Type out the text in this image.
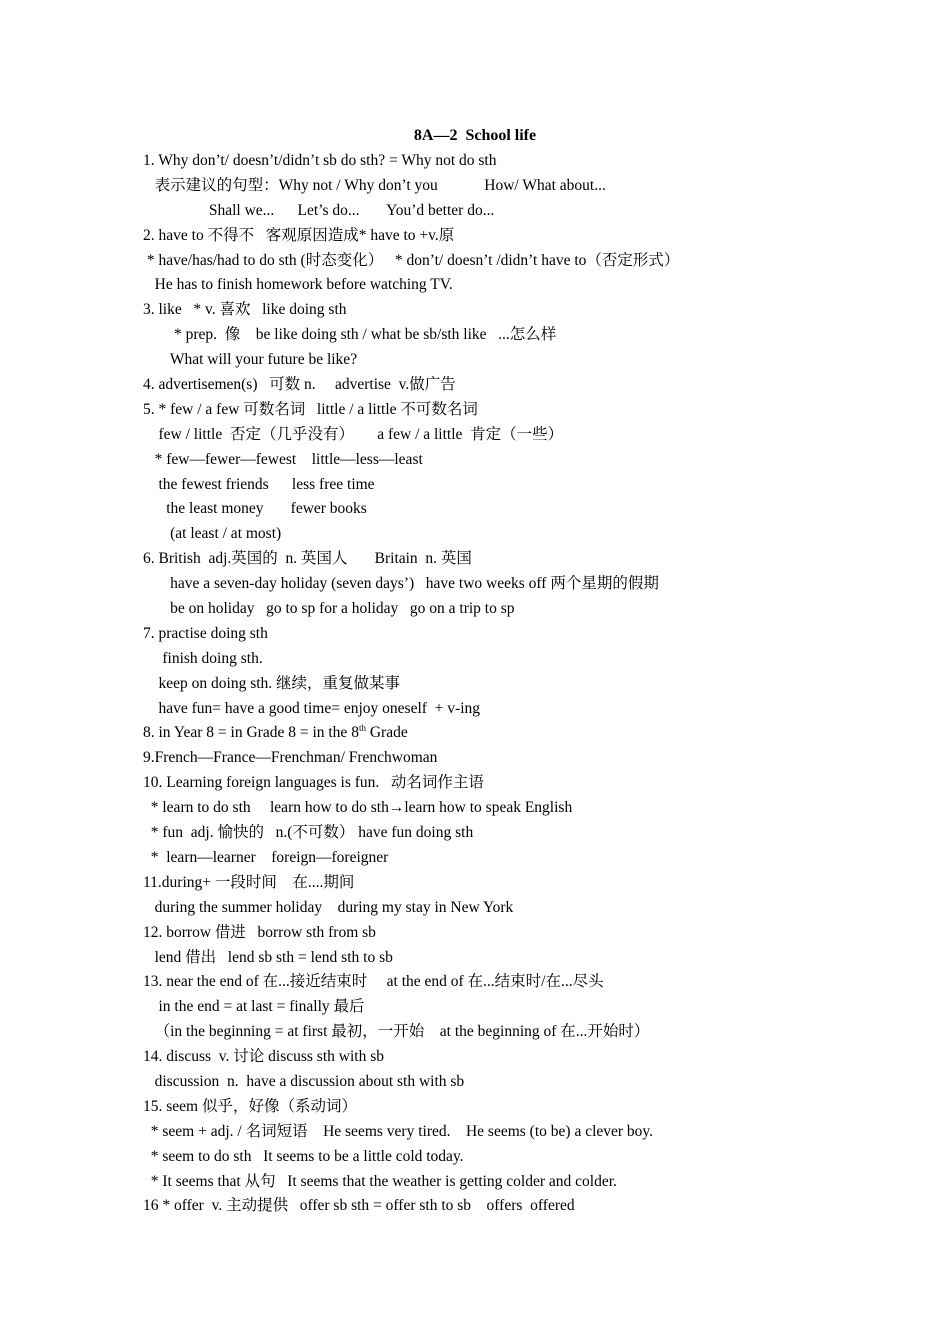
8A—2  School life
1. Why don’t/ doesn’t/didn’t sb do sth? = Why not do sth
表示建议的句型：Why not / Why don’t you            How/ What about...
Shall we...      Let’s do...       You’d better do...
2. have to 不得不   客观原因造成* have to +v.原
* have/has/had to do sth (时态变化）   * don’t/ doesn’t /didn’t have to（否定形式）
He has to finish homework before watching TV.
3. like   * v. 喜欢   like doing sth
* prep.  像    be like doing sth / what be sb/sth like   ...怎么样
What will your future be like?
4. advertisemen(s)   可数 n.     advertise  v.做广告
5. * few / a few 可数名词   little / a little 不可数名词
few / little  否定（几乎没有）      a few / a little  肯定（一些）
* few—fewer—fewest    little—less—least
the fewest friends      less free time
the least money       fewer books
(at least / at most)
6. British  adj.英国的  n. 英国人       Britain  n. 英国
have a seven-day holiday (seven days’)   have two weeks off 两个星期的假期
be on holiday   go to sp for a holiday   go on a trip to sp
7. practise doing sth
finish doing sth.
keep on doing sth. 继续，重复做某事
have fun= have a good time= enjoy oneself  + v-ing
8. in Year 8 = in Grade 8 = in the 8th Grade
9.French—France—Frenchman/ Frenchwoman
10. Learning foreign languages is fun.   动名词作主语
* learn to do sth     learn how to do sth→learn how to speak English
* fun  adj. 愉快的   n.(不可数） have fun doing sth
*  learn—learner    foreign—foreigner
11.during+ 一段时间    在....期间
during the summer holiday    during my stay in New York
12. borrow 借进   borrow sth from sb
lend 借出   lend sb sth = lend sth to sb
13. near the end of 在...接近结束时     at the end of 在...结束时/在...尽头
in the end = at last = finally 最后
（in the beginning = at first 最初，一开始    at the beginning of 在...开始时）
14. discuss  v. 讨论 discuss sth with sb
discussion  n.  have a discussion about sth with sb
15. seem 似乎，好像（系动词）
* seem + adj. / 名词短语    He seems very tired.    He seems (to be) a clever boy.
* seem to do sth   It seems to be a little cold today.
* It seems that 从句   It seems that the weather is getting colder and colder.
16 * offer  v. 主动提供   offer sb sth = offer sth to sb    offers  offered
